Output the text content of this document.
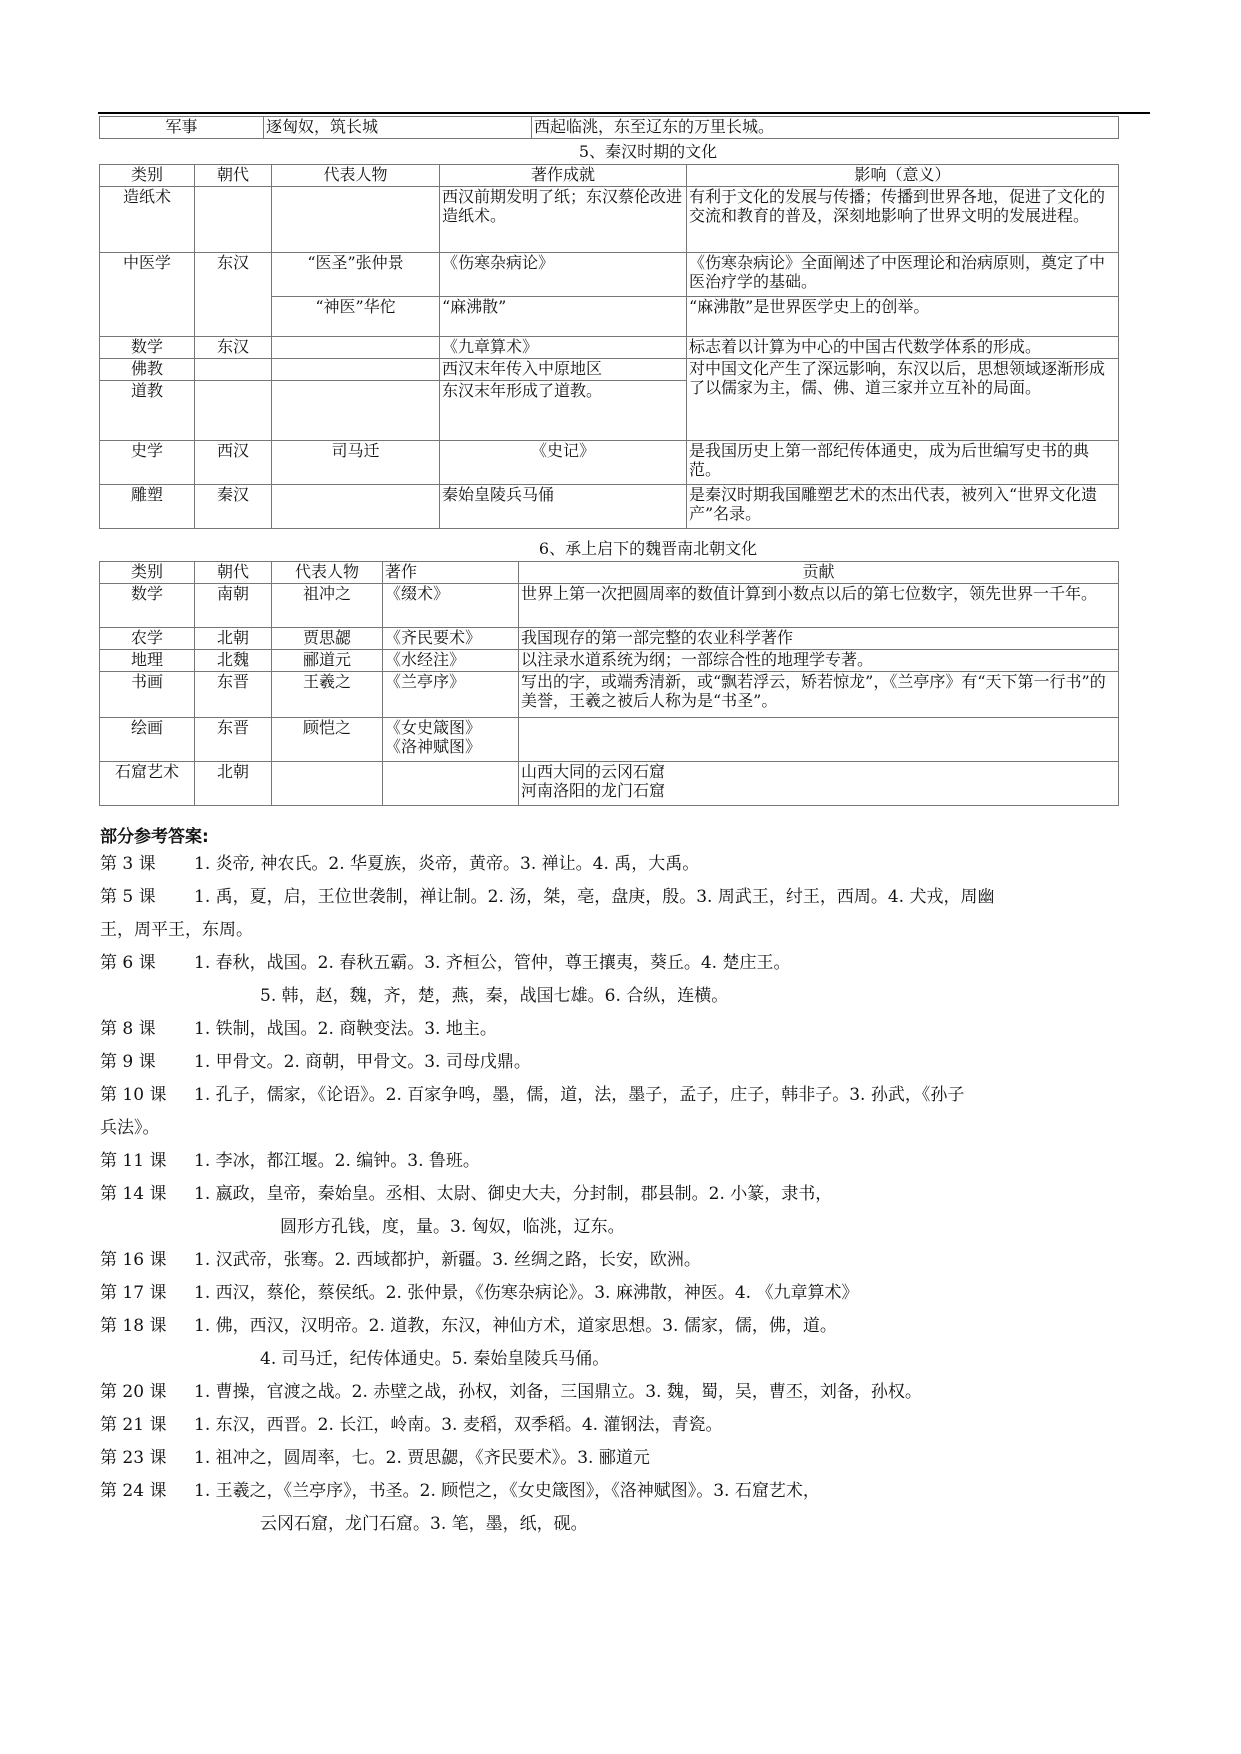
军事	逐匈奴，筑长城	西起临洮，东至辽东的万里长城。
5、秦汉时期的文化
类别	朝代	代表人物	著作成就	影响（意义）
造纸术			西汉前期发明了纸；东汉蔡伦改进造纸术。	有利于文化的发展与传播；传播到世界各地，促进了文化的交流和教育的普及，深刻地影响了世界文明的发展进程。
中医学	东汉	“医圣”张仲景	《伤寒杂病论》	《伤寒杂病论》全面阐述了中医理论和治病原则，奠定了中医治疗学的基础。
		“神医”华佗	“麻沸散”	“麻沸散”是世界医学史上的创举。
数学	东汉		《九章算术》	标志着以计算为中心的中国古代数学体系的形成。
佛教			西汉末年传入中原地区	对中国文化产生了深远影响，东汉以后，思想领域逐渐形成了以儒家为主，儒、佛、道三家并立互补的局面。
道教			东汉末年形成了道教。	
史学	西汉	司马迁	《史记》	是我国历史上第一部纪传体通史，成为后世编写史书的典范。
雕塑	秦汉		秦始皇陵兵马俑	是秦汉时期我国雕塑艺术的杰出代表，被列入“世界文化遗产”名录。
6、承上启下的魏晋南北朝文化
类别	朝代	代表人物	著作	贡献
数学	南朝	祖冲之	《缀术》	世界上第一次把圆周率的数值计算到小数点以后的第七位数字，领先世界一千年。
农学	北朝	贾思勰	《齐民要术》	我国现存的第一部完整的农业科学著作
地理	北魏	郦道元	《水经注》	以注录水道系统为纲；一部综合性的地理学专著。
书画	东晋	王羲之	《兰亭序》	写出的字，或端秀清新，或“飘若浮云，矫若惊龙”，《兰亭序》有“天下第一行书”的美誉，王羲之被后人称为是“书圣”。
绘画	东晋	顾恺之	《女史箴图》
《洛神赋图》	

石窟艺术	北朝			山西大同的云冈石窟
河南洛阳的龙门石窟
部分参考答案:
第 3 课 1. 炎帝, 神农氏。2. 华夏族，炎帝，黄帝。3. 禅让。4. 禹，大禹。
第 5 课 1. 禹，夏，启，王位世袭制，禅让制。2. 汤，桀，亳，盘庚，殷。3. 周武王，纣王，西周。4. 犬戎，周幽
王，周平王，东周。
第 6 课 1. 春秋，战国。2. 春秋五霸。3. 齐桓公，管仲，尊王攘夷，葵丘。4. 楚庄王。
5. 韩，赵，魏，齐，楚，燕，秦，战国七雄。6. 合纵，连横。
第 8 课 1. 铁制，战国。2. 商鞅变法。3. 地主。
第 9 课 1. 甲骨文。2. 商朝，甲骨文。3. 司母戊鼎。
第 10 课 1. 孔子，儒家，《论语》。2. 百家争鸣，墨，儒，道，法，墨子，孟子，庄子，韩非子。3. 孙武，《孙子
兵法》。
第 11 课 1. 李冰，都江堰。2. 编钟。3. 鲁班。
第 14 课 1. 嬴政，皇帝，秦始皇。丞相、太尉、御史大夫，分封制，郡县制。2. 小篆，隶书，
圆形方孔钱，度，量。3. 匈奴，临洮，辽东。
第 16 课 1. 汉武帝，张骞。2. 西域都护，新疆。3. 丝绸之路，长安，欧洲。
第 17 课 1. 西汉，蔡伦，蔡侯纸。2. 张仲景，《伤寒杂病论》。3. 麻沸散，神医。4. 《九章算术》
第 18 课 1. 佛，西汉，汉明帝。2. 道教，东汉，神仙方术，道家思想。3. 儒家，儒，佛，道。
4. 司马迁，纪传体通史。5. 秦始皇陵兵马俑。
第 20 课 1. 曹操，官渡之战。2. 赤壁之战，孙权，刘备，三国鼎立。3. 魏，蜀，吴，曹丕，刘备，孙权。
第 21 课 1. 东汉，西晋。2. 长江，岭南。3. 麦稻，双季稻。4. 灌钢法，青瓷。
第 23 课 1. 祖冲之，圆周率，七。2. 贾思勰，《齐民要术》。3. 郦道元
第 24 课 1. 王羲之，《兰亭序》，书圣。2. 顾恺之，《女史箴图》，《洛神赋图》。3. 石窟艺术，
云冈石窟，龙门石窟。3. 笔，墨，纸，砚。
